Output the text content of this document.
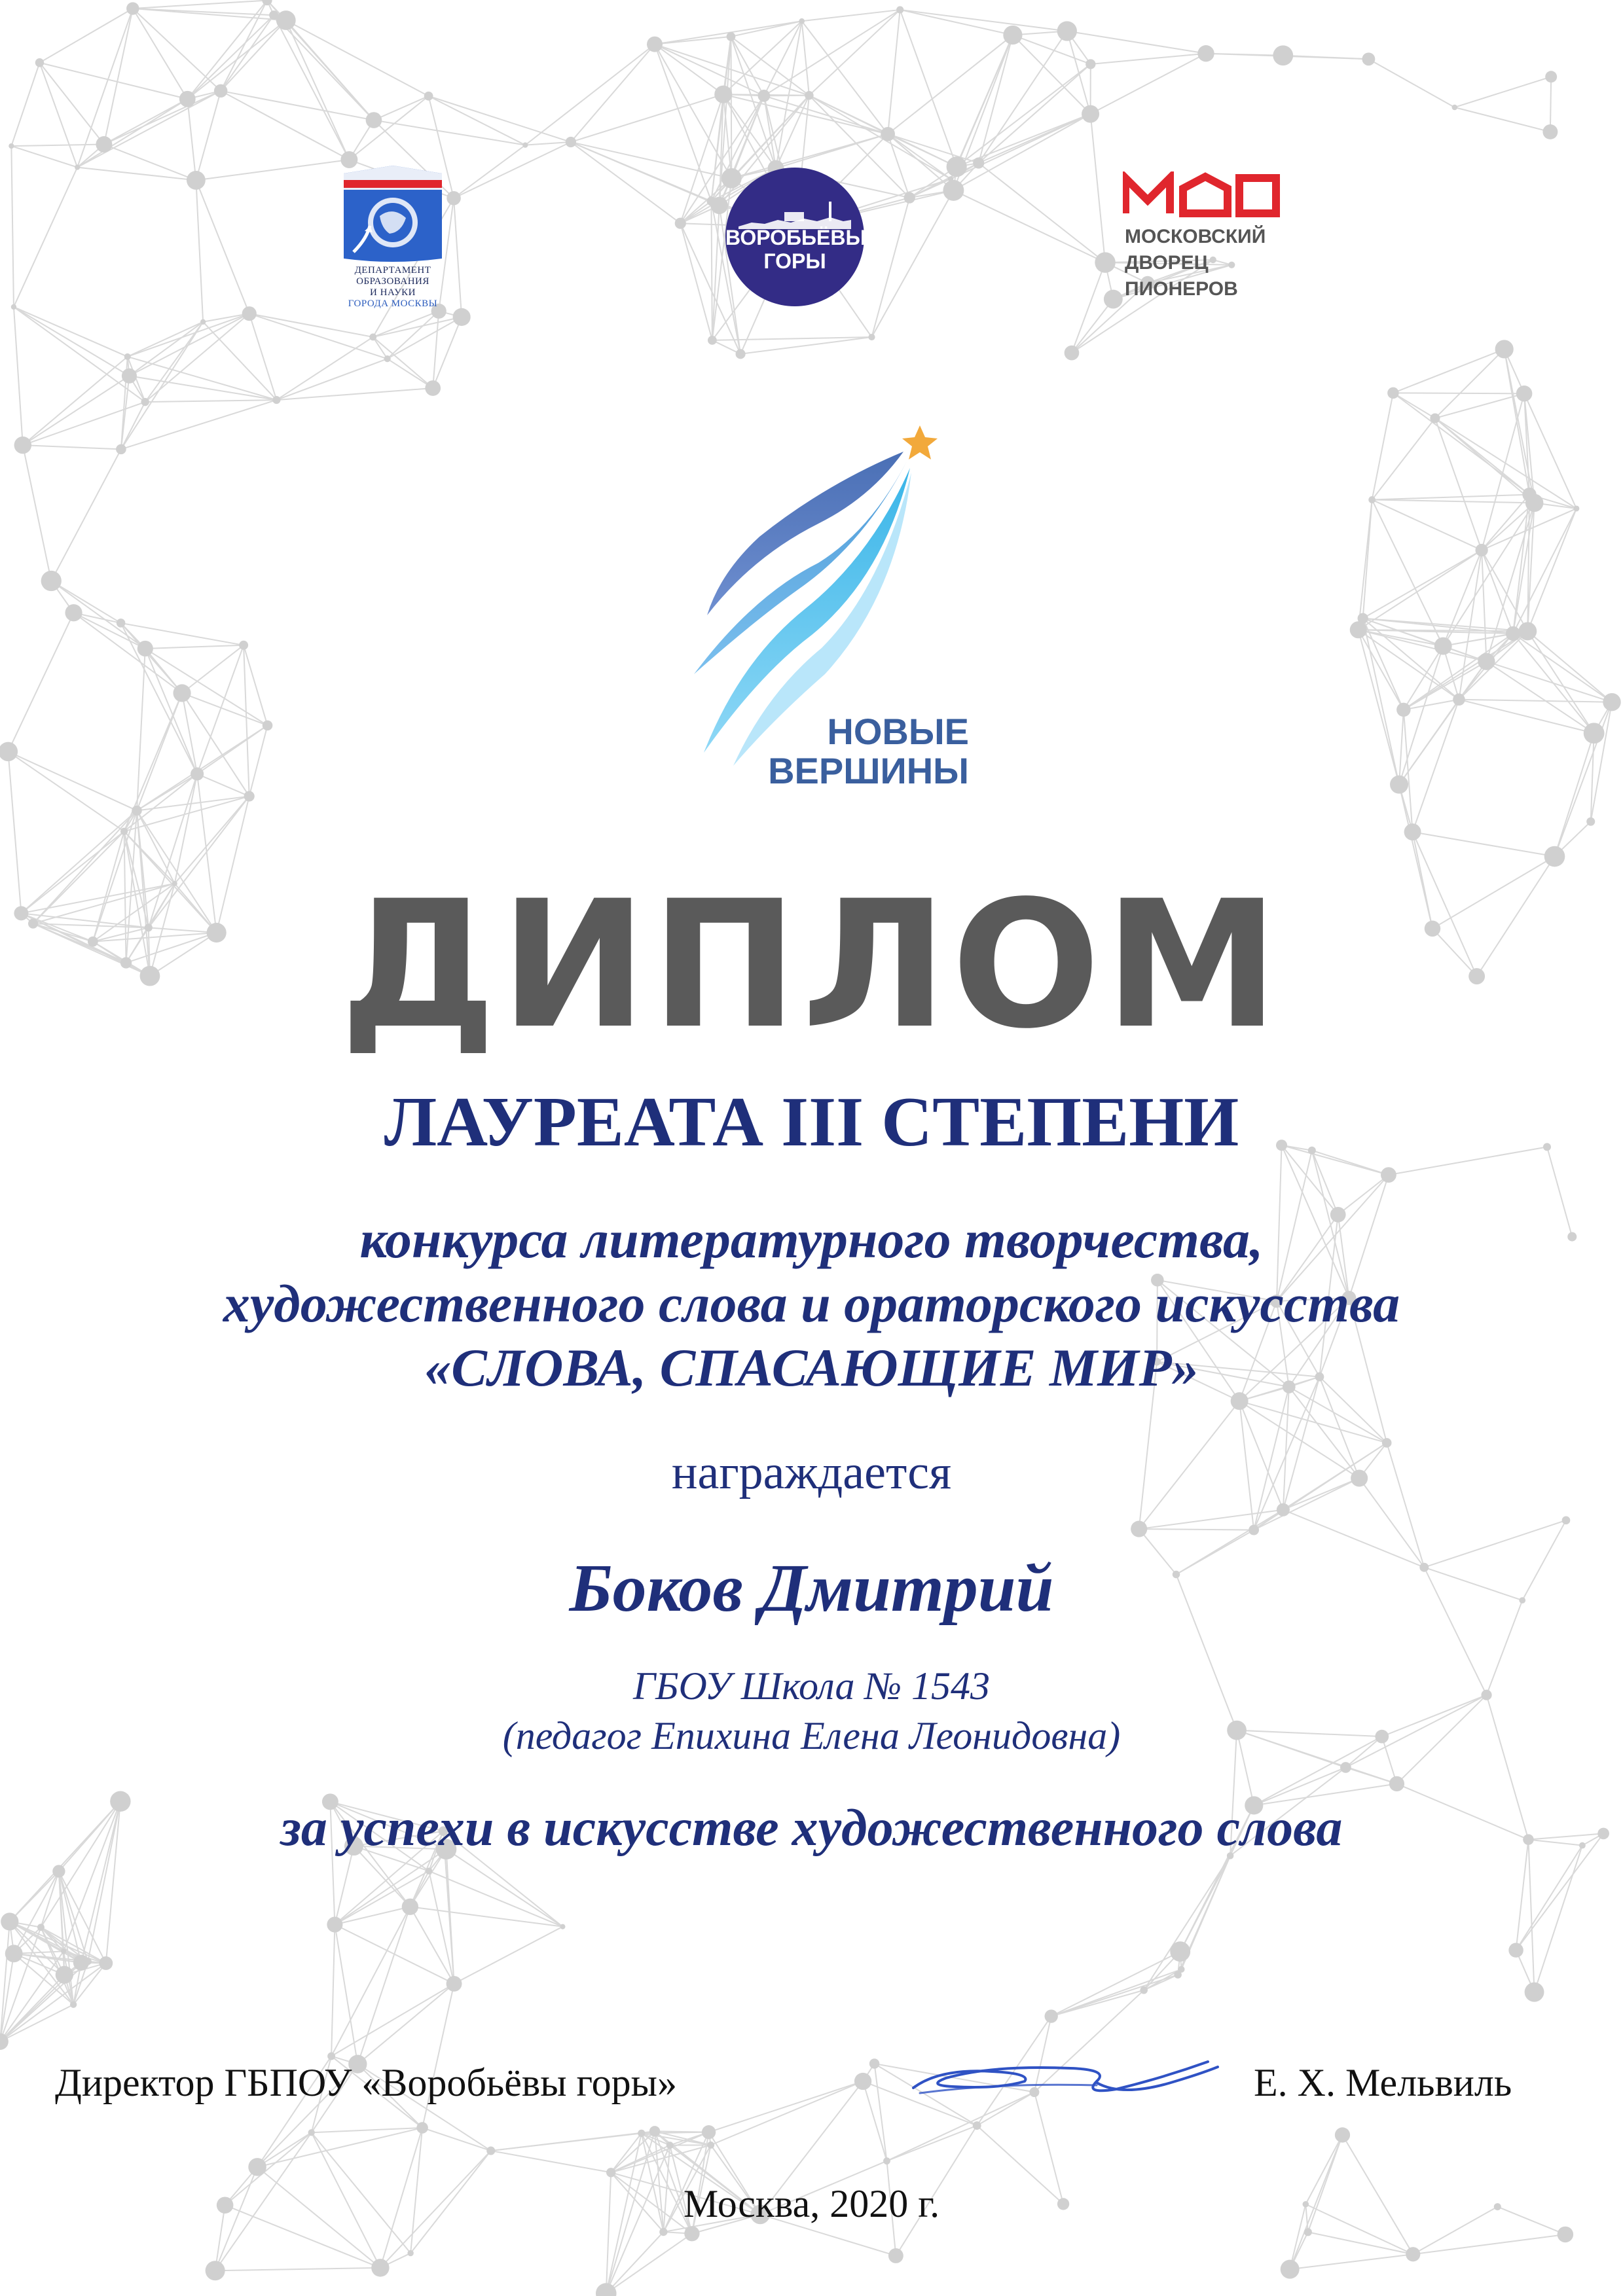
ДЕПАРТАМЕНТ
ОБРАЗОВАНИЯ
И НАУКИ
ГОРОДА МОСКВЫ
ВОРОБЬЁВЫ
ГОРЫ
МОСКОВСКИЙ
ДВОРЕЦ
ПИОНЕРОВ
НОВЫЕ
ВЕРШИНЫ
ДИПЛОМ
ЛАУРЕАТА III СТЕПЕНИ
конкурса литературного творчества,
художественного слова и ораторского искусства
«СЛОВА, СПАСАЮЩИЕ МИР»
награждается
Боков Дмитрий
ГБОУ Школа № 1543
(педагог Епихина Елена Леонидовна)
за успехи в искусстве художественного слова
Директор ГБПОУ «Воробьёвы горы»	Е. Х. Мельвиль
Москва, 2020 г.
